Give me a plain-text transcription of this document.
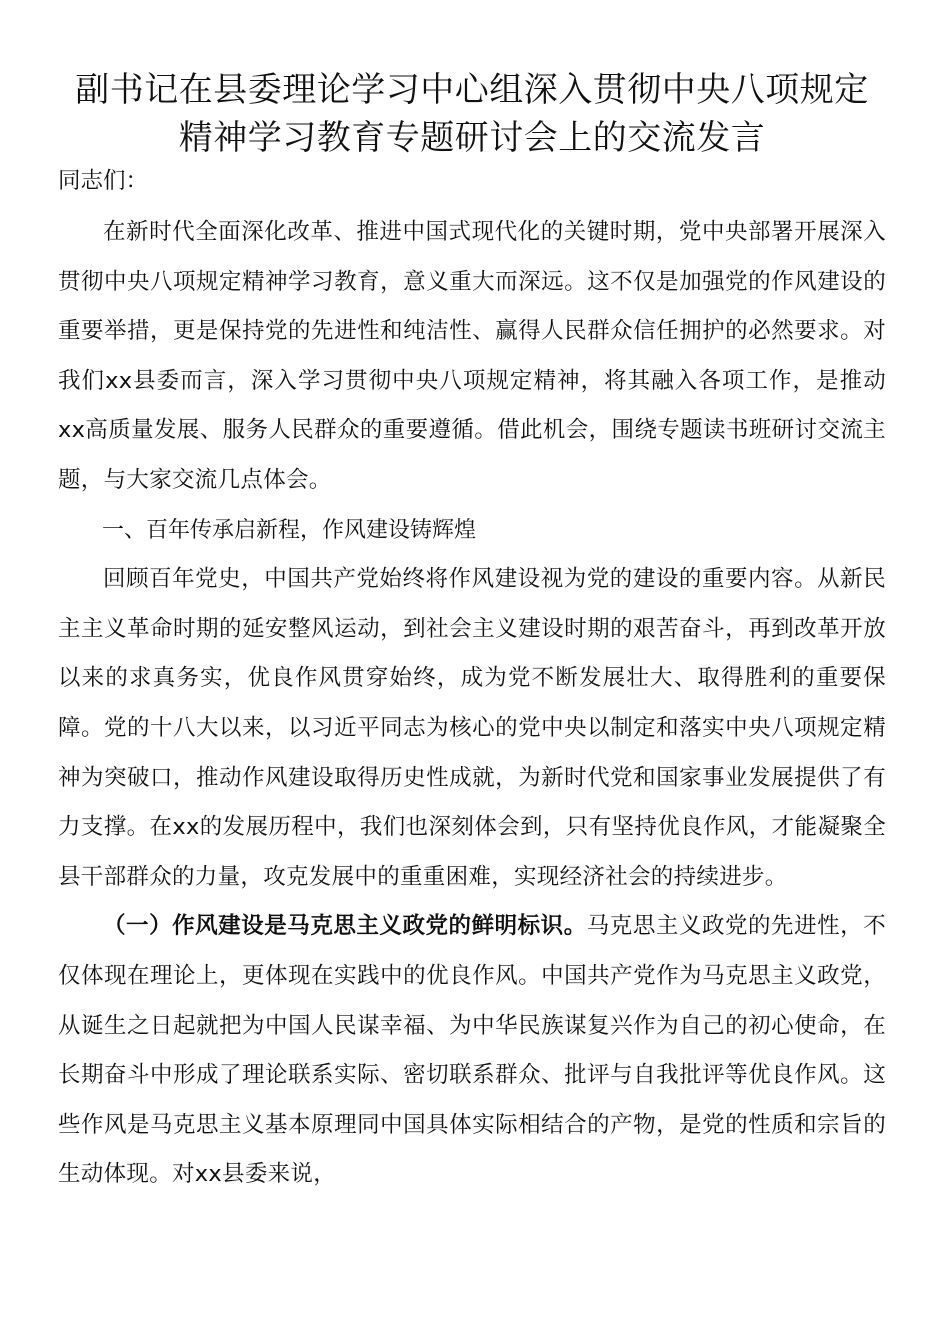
副书记在县委理论学习中心组深入贯彻中央八项规定
精神学习教育专题研讨会上的交流发言

同志们：

在新时代全面深化改革、推进中国式现代化的关键时期，党中央部署开展深入贯彻中央八项规定精神学习教育，意义重大而深远。这不仅是加强党的作风建设的重要举措，更是保持党的先进性和纯洁性、赢得人民群众信任拥护的必然要求。对我们xx县委而言，深入学习贯彻中央八项规定精神，将其融入各项工作，是推动xx高质量发展、服务人民群众的重要遵循。借此机会，围绕专题读书班研讨交流主题，与大家交流几点体会。

一、百年传承启新程，作风建设铸辉煌

回顾百年党史，中国共产党始终将作风建设视为党的建设的重要内容。从新民主主义革命时期的延安整风运动，到社会主义建设时期的艰苦奋斗，再到改革开放以来的求真务实，优良作风贯穿始终，成为党不断发展壮大、取得胜利的重要保障。党的十八大以来，以习近平同志为核心的党中央以制定和落实中央八项规定精神为突破口，推动作风建设取得历史性成就，为新时代党和国家事业发展提供了有力支撑。在xx的发展历程中，我们也深刻体会到，只有坚持优良作风，才能凝聚全县干部群众的力量，攻克发展中的重重困难，实现经济社会的持续进步。

（一）作风建设是马克思主义政党的鲜明标识。马克思主义政党的先进性，不仅体现在理论上，更体现在实践中的优良作风。中国共产党作为马克思主义政党，从诞生之日起就把为中国人民谋幸福、为中华民族谋复兴作为自己的初心使命，在长期奋斗中形成了理论联系实际、密切联系群众、批评与自我批评等优良作风。这些作风是马克思主义基本原理同中国具体实际相结合的产物，是党的性质和宗旨的生动体现。对xx县委来说，
